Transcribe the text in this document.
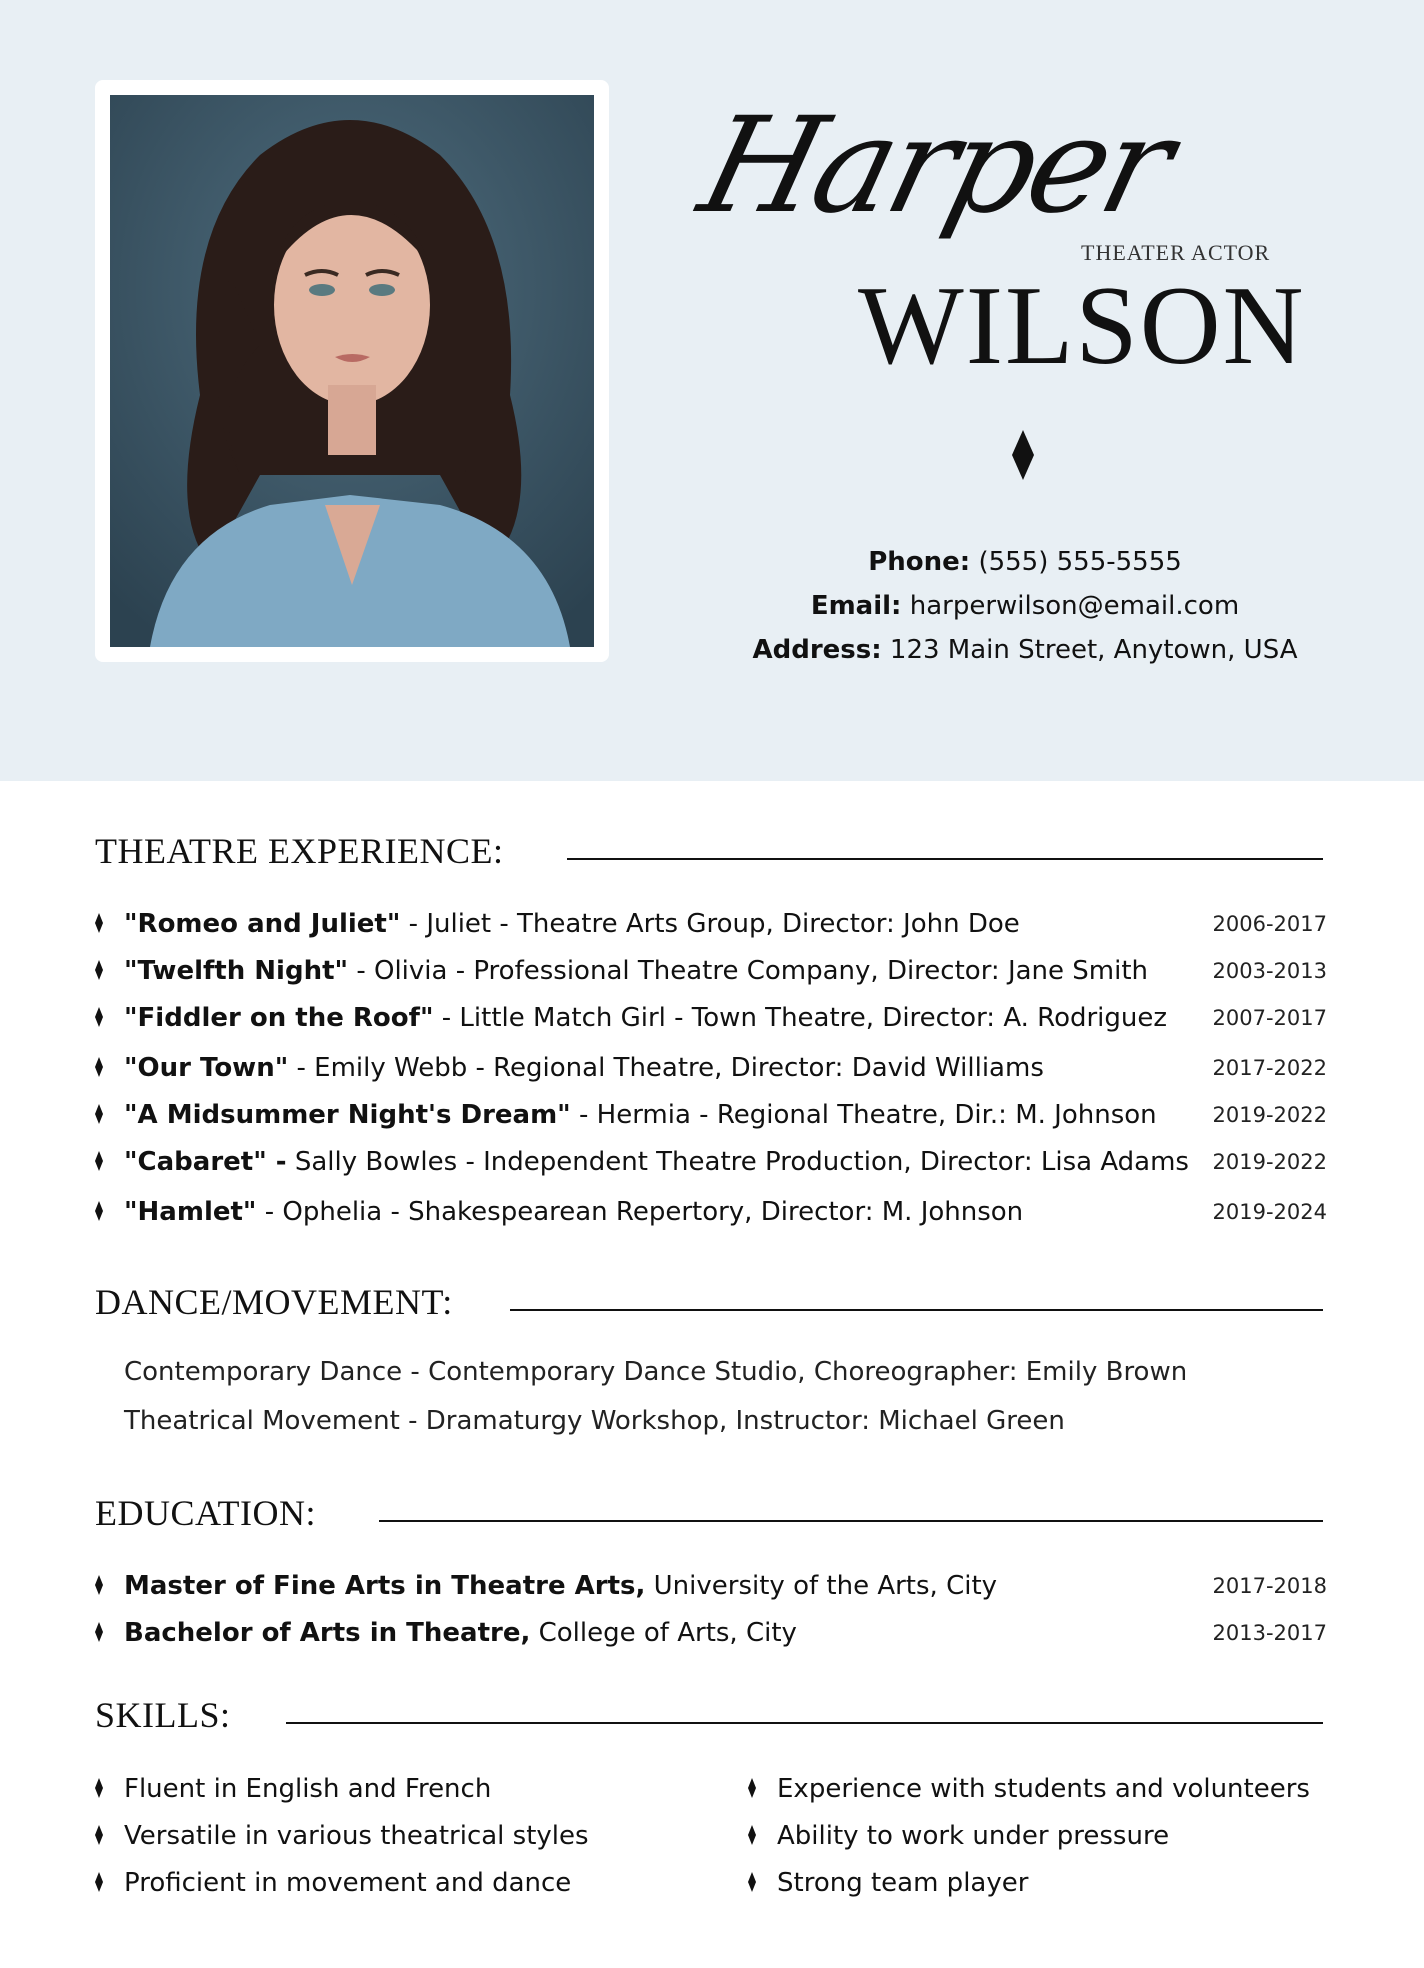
Harper
THEATER ACTOR
WILSON
Phone: (555) 555-5555
Email: harperwilson@email.com
Address: 123 Main Street, Anytown, USA
THEATRE EXPERIENCE:
"Romeo and Juliet" - Juliet - Theatre Arts Group, Director: John Doe	2006-2017
"Twelfth Night" - Olivia - Professional Theatre Company, Director: Jane Smith	2003-2013
"Fiddler on the Roof" - Little Match Girl - Town Theatre, Director: A. Rodriguez 2007-2017
"Our Town" - Emily Webb - Regional Theatre, Director: David Williams	2017-2022
"A Midsummer Night's Dream" - Hermia - Regional Theatre, Dir.: M. Johnson	2019-2022
"Cabaret" - Sally Bowles - Independent Theatre Production, Director: Lisa Adams 2019-2022
"Hamlet" - Ophelia - Shakespearean Repertory, Director: M. Johnson	2019-2024
DANCE/MOVEMENT:
Contemporary Dance - Contemporary Dance Studio, Choreographer: Emily Brown
Theatrical Movement - Dramaturgy Workshop, Instructor: Michael Green
EDUCATION:
Master of Fine Arts in Theatre Arts, University of the Arts, City	2017-2018
Bachelor of Arts in Theatre, College of Arts, City	2013-2017
SKILLS:
Fluent in English and French
Versatile in various theatrical styles
Proficient in movement and dance
Experience with students and volunteers
Ability to work under pressure
Strong team player
